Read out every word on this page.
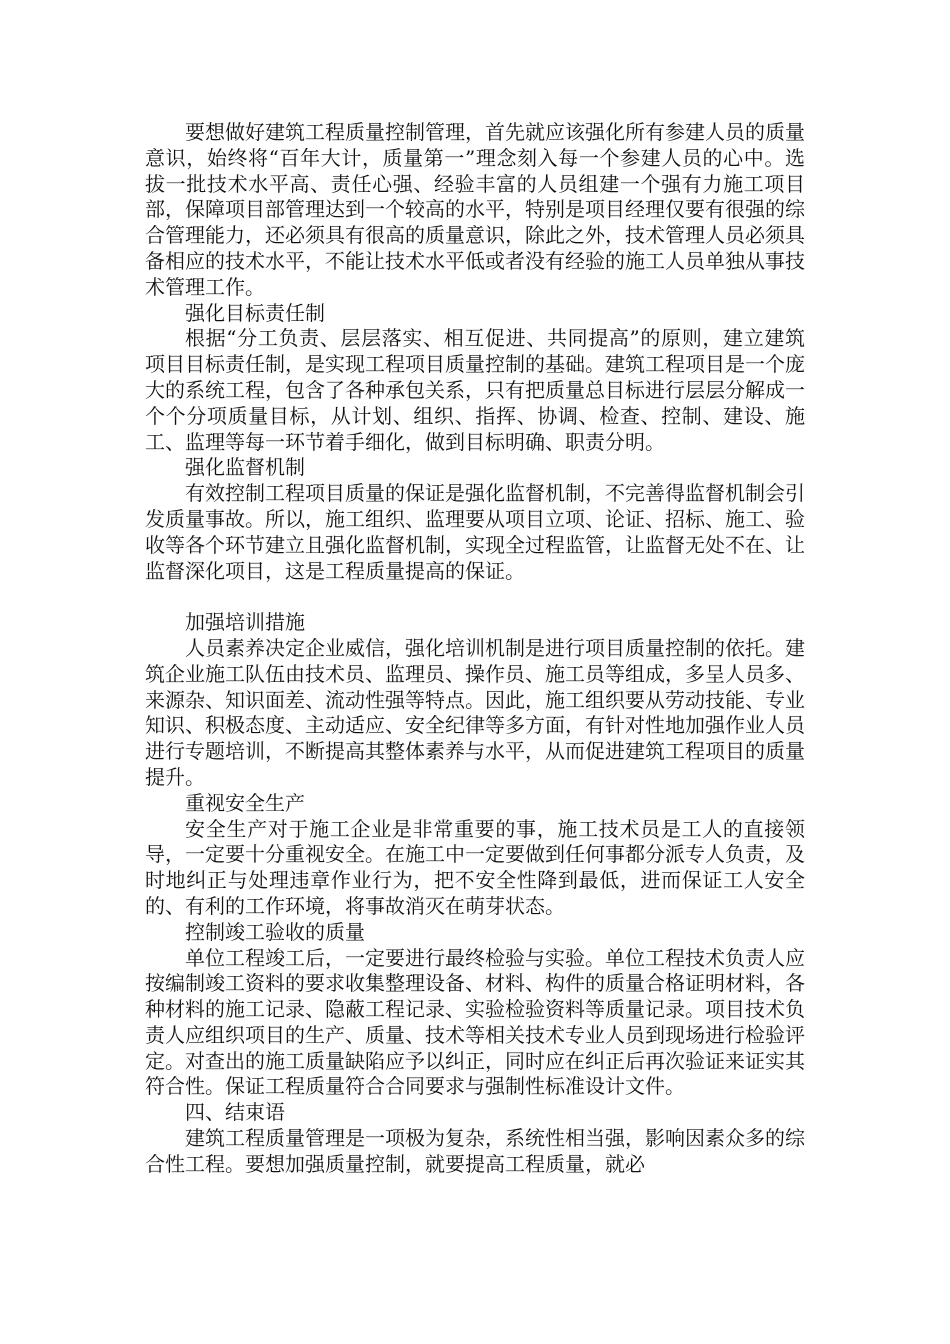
要想做好建筑工程质量控制管理，首先就应该强化所有参建人员的质量意识，始终将“百年大计，质量第一”理念刻入每一个参建人员的心中。选拔一批技术水平高、责任心强、经验丰富的人员组建一个强有力施工项目部，保障项目部管理达到一个较高的水平，特别是项目经理仅要有很强的综合管理能力，还必须具有很高的质量意识，除此之外，技术管理人员必须具备相应的技术水平，不能让技术水平低或者没有经验的施工人员单独从事技术管理工作。

强化目标责任制

根据“分工负责、层层落实、相互促进、共同提高”的原则，建立建筑项目目标责任制，是实现工程项目质量控制的基础。建筑工程项目是一个庞大的系统工程，包含了各种承包关系，只有把质量总目标进行层层分解成一个个分项质量目标，从计划、组织、指挥、协调、检查、控制、建设、施工、监理等每一环节着手细化，做到目标明确、职责分明。

强化监督机制

有效控制工程项目质量的保证是强化监督机制，不完善得监督机制会引发质量事故。所以，施工组织、监理要从项目立项、论证、招标、施工、验收等各个环节建立且强化监督机制，实现全过程监管，让监督无处不在、让监督深化项目，这是工程质量提高的保证。

加强培训措施

人员素养决定企业威信，强化培训机制是进行项目质量控制的依托。建筑企业施工队伍由技术员、监理员、操作员、施工员等组成，多呈人员多、来源杂、知识面差、流动性强等特点。因此，施工组织要从劳动技能、专业知识、积极态度、主动适应、安全纪律等多方面，有针对性地加强作业人员进行专题培训，不断提高其整体素养与水平，从而促进建筑工程项目的质量提升。

重视安全生产

安全生产对于施工企业是非常重要的事，施工技术员是工人的直接领导，一定要十分重视安全。在施工中一定要做到任何事都分派专人负责，及时地纠正与处理违章作业行为，把不安全性降到最低，进而保证工人安全的、有利的工作环境，将事故消灭在萌芽状态。

控制竣工验收的质量

单位工程竣工后，一定要进行最终检验与实验。单位工程技术负责人应按编制竣工资料的要求收集整理设备、材料、构件的质量合格证明材料，各种材料的施工记录、隐蔽工程记录、实验检验资料等质量记录。项目技术负责人应组织项目的生产、质量、技术等相关技术专业人员到现场进行检验评定。对查出的施工质量缺陷应予以纠正，同时应在纠正后再次验证来证实其符合性。保证工程质量符合合同要求与强制性标准设计文件。

四、结束语

建筑工程质量管理是一项极为复杂，系统性相当强，影响因素众多的综合性工程。要想加强质量控制，就要提高工程质量，就必
